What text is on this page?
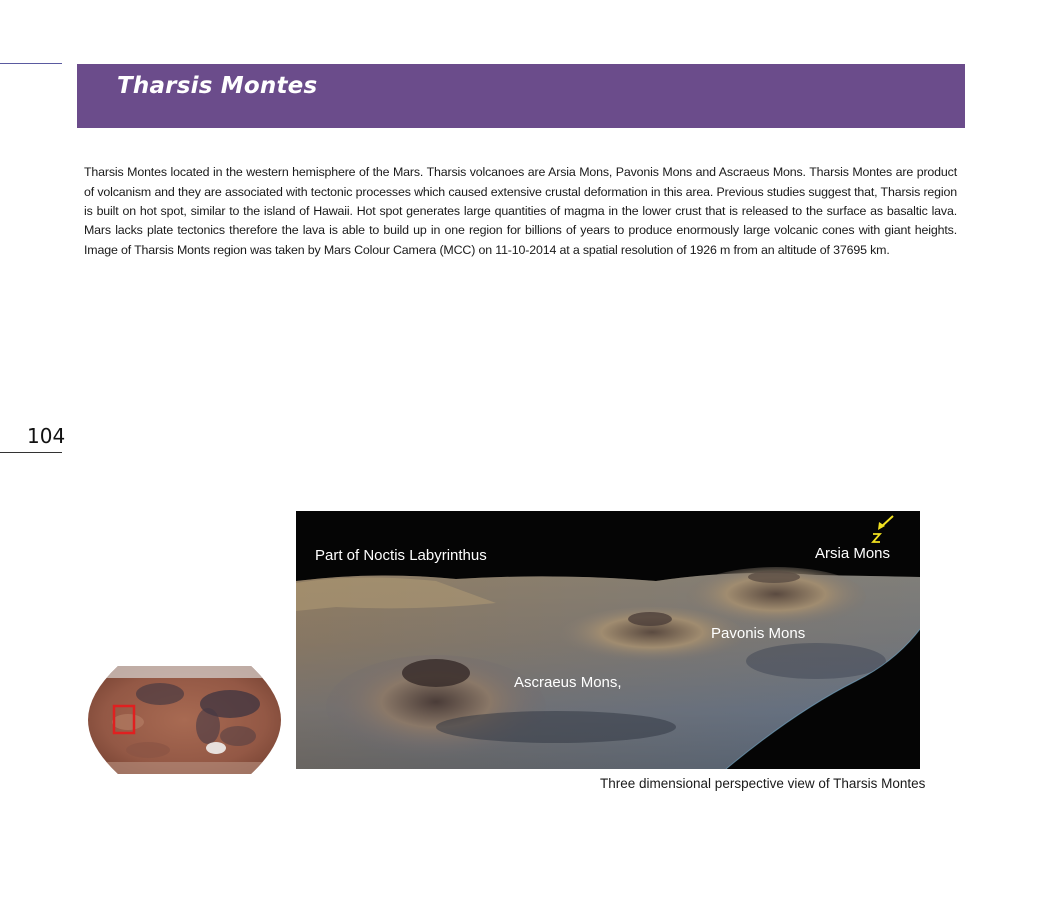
Tharsis Montes

Tharsis Montes located in the western hemisphere of the Mars. Tharsis volcanoes are Arsia Mons, Pavonis Mons and Ascraeus Mons. Tharsis Montes are product of volcanism and they are associated with tectonic processes which caused extensive crustal deformation in this area. Previous studies suggest that, Tharsis region is built on hot spot, similar to the island of Hawaii. Hot spot generates large quantities of magma in the lower crust that is released to the surface as basaltic lava. Mars lacks plate tectonics therefore the lava is able to build up in one region for billions of years to produce enormously large volcanic cones with giant heights. Image of Tharsis Monts region was taken by Mars Colour Camera (MCC) on 11-10-2014 at a spatial resolution of 1926 m from an altitude of 37695 km.

104
Part of Noctis Labyrinthus	Arsia Mons
Pavonis Mons
Ascraeus Mons,
Three dimensional perspective view of Tharsis Montes
